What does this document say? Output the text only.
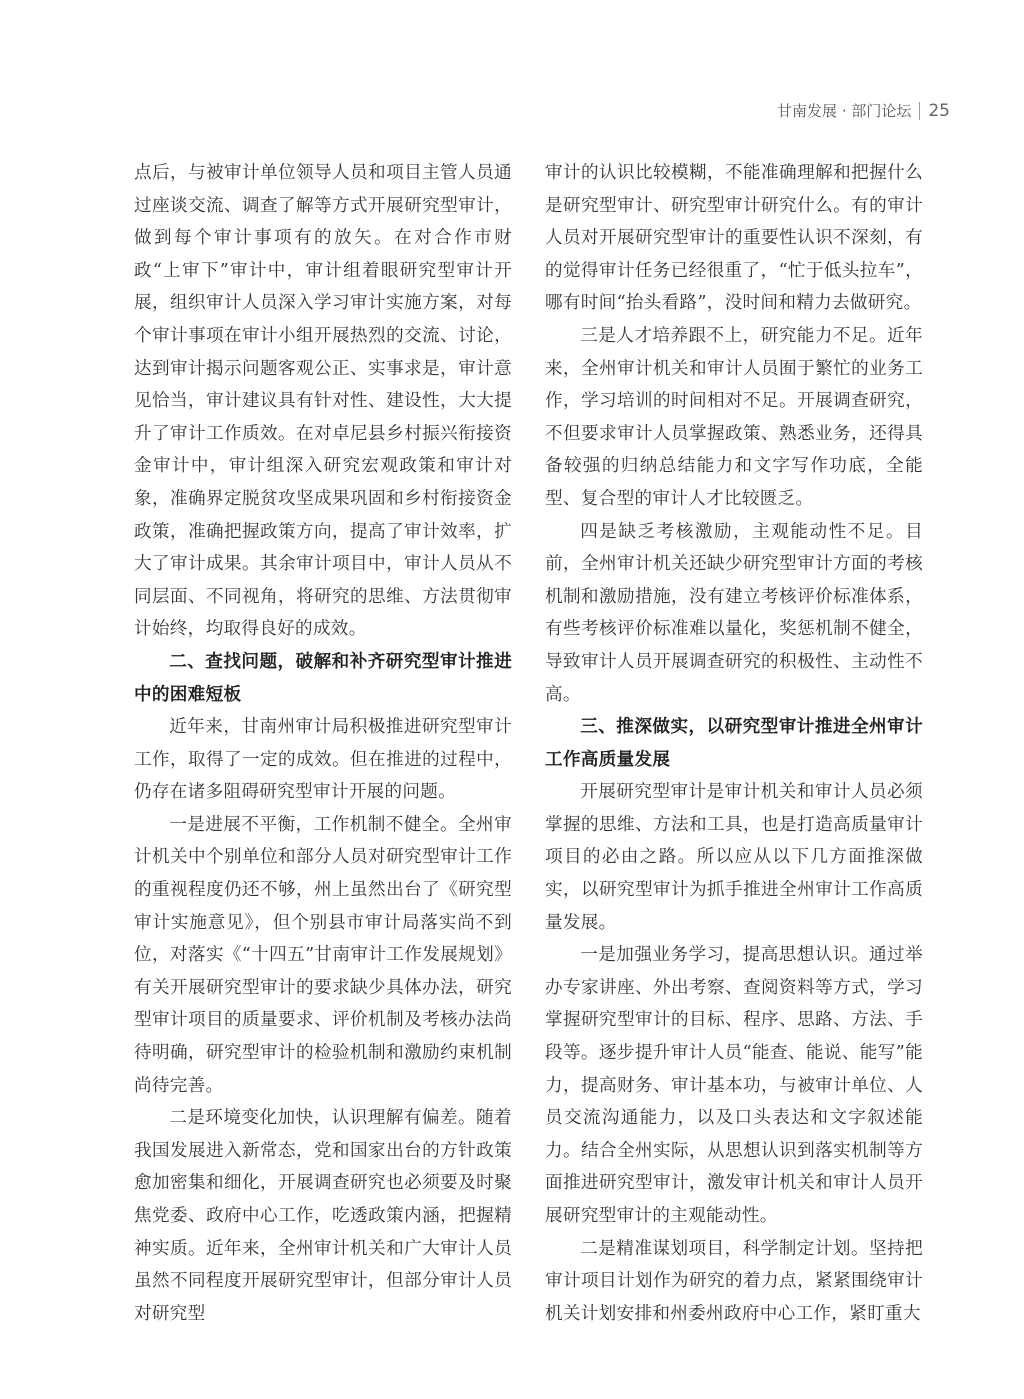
甘南发展 · 部门论坛 25

点后，与被审计单位领导人员和项目主管人员通过座谈交流、调查了解等方式开展研究型审计，做到每个审计事项有的放矢。在对合作市财政“上审下”审计中，审计组着眼研究型审计开展，组织审计人员深入学习审计实施方案，对每个审计事项在审计小组开展热烈的交流、讨论，达到审计揭示问题客观公正、实事求是，审计意见恰当，审计建议具有针对性、建设性，大大提升了审计工作质效。在对卓尼县乡村振兴衔接资金审计中，审计组深入研究宏观政策和审计对象，准确界定脱贫攻坚成果巩固和乡村衔接资金政策，准确把握政策方向，提高了审计效率，扩大了审计成果。其余审计项目中，审计人员从不同层面、不同视角，将研究的思维、方法贯彻审计始终，均取得良好的成效。

二、查找问题，破解和补齐研究型审计推进中的困难短板

近年来，甘南州审计局积极推进研究型审计工作，取得了一定的成效。但在推进的过程中，仍存在诸多阻碍研究型审计开展的问题。

一是进展不平衡，工作机制不健全。全州审计机关中个别单位和部分人员对研究型审计工作的重视程度仍还不够，州上虽然出台了《研究型审计实施意见》，但个别县市审计局落实尚不到位，对落实《“十四五”甘南审计工作发展规划》有关开展研究型审计的要求缺少具体办法，研究型审计项目的质量要求、评价机制及考核办法尚待明确，研究型审计的检验机制和激励约束机制尚待完善。

二是环境变化加快，认识理解有偏差。随着我国发展进入新常态，党和国家出台的方针政策愈加密集和细化，开展调查研究也必须要及时聚焦党委、政府中心工作，吃透政策内涵，把握精神实质。近年来，全州审计机关和广大审计人员虽然不同程度开展研究型审计，但部分审计人员对研究型

审计的认识比较模糊，不能准确理解和把握什么是研究型审计、研究型审计研究什么。有的审计人员对开展研究型审计的重要性认识不深刻，有的觉得审计任务已经很重了，“忙于低头拉车”，哪有时间“抬头看路”，没时间和精力去做研究。

三是人才培养跟不上，研究能力不足。近年来，全州审计机关和审计人员囿于繁忙的业务工作，学习培训的时间相对不足。开展调查研究，不但要求审计人员掌握政策、熟悉业务，还得具备较强的归纳总结能力和文字写作功底，全能型、复合型的审计人才比较匮乏。

四是缺乏考核激励，主观能动性不足。目前，全州审计机关还缺少研究型审计方面的考核机制和激励措施，没有建立考核评价标准体系，有些考核评价标准难以量化，奖惩机制不健全，导致审计人员开展调查研究的积极性、主动性不高。

三、推深做实，以研究型审计推进全州审计工作高质量发展

开展研究型审计是审计机关和审计人员必须掌握的思维、方法和工具，也是打造高质量审计项目的必由之路。所以应从以下几方面推深做实，以研究型审计为抓手推进全州审计工作高质量发展。

一是加强业务学习，提高思想认识。通过举办专家讲座、外出考察、查阅资料等方式，学习掌握研究型审计的目标、程序、思路、方法、手段等。逐步提升审计人员“能查、能说、能写”能力，提高财务、审计基本功，与被审计单位、人员交流沟通能力，以及口头表达和文字叙述能力。结合全州实际，从思想认识到落实机制等方面推进研究型审计，激发审计机关和审计人员开展研究型审计的主观能动性。

二是精准谋划项目，科学制定计划。坚持把审计项目计划作为研究的着力点，紧紧围绕审计机关计划安排和州委州政府中心工作，紧盯重大
